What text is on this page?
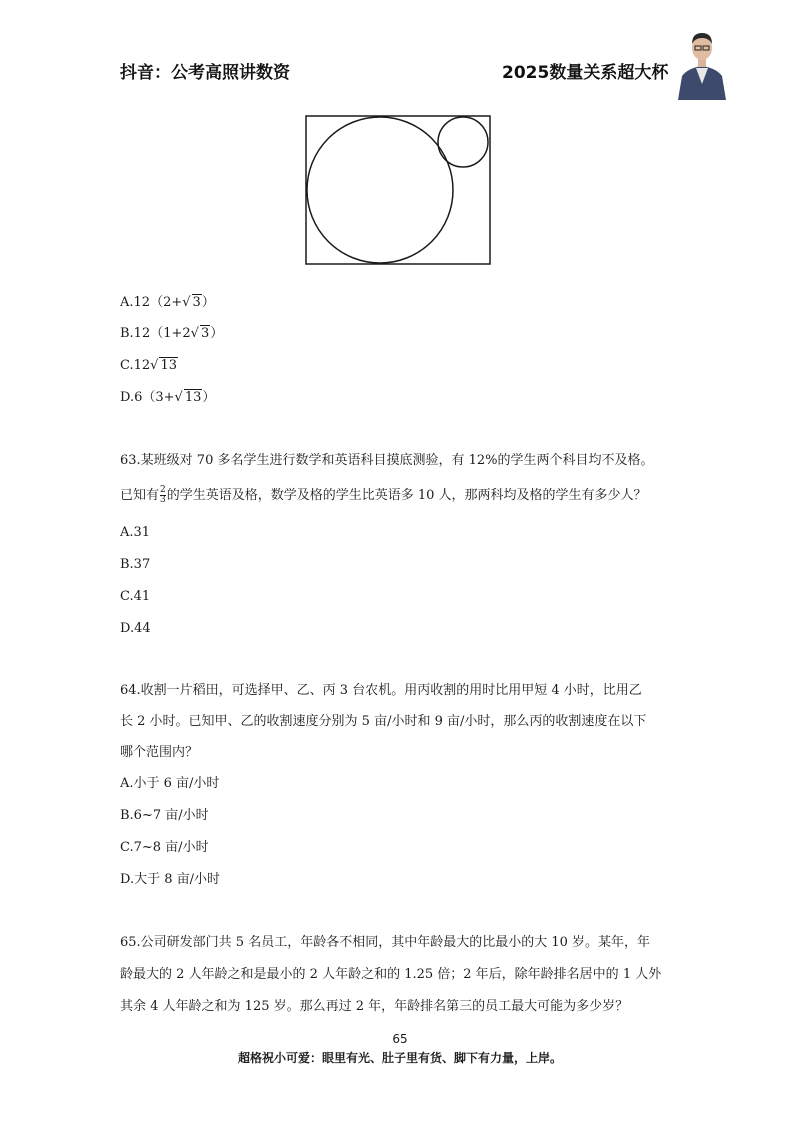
抖音：公考高照讲数资	2025数量关系超大杯
A.12（2+√ 3）
B.12（1+2√ 3）
C.12√ 13
D.6（3+√ 13）
63.某班级对 70 多名学生进行数学和英语科目摸底测验，有 12%的学生两个科目均不及格。
已知有 $\frac{2}{3}$ 的学生英语及格，数学及格的学生比英语多 10 人，那两科均及格的学生有多少人？
A.31
B.37
C.41
D.44
64.收割一片稻田，可选择甲、乙、丙 3 台农机。用丙收割的用时比用甲短 4 小时，比用乙
长 2 小时。已知甲、乙的收割速度分别为 5 亩/小时和 9 亩/小时，那么丙的收割速度在以下
哪个范围内？
A.小于 6 亩/小时
B.6~7 亩/小时
C.7~8 亩/小时
D.大于 8 亩/小时
65.公司研发部门共 5 名员工，年龄各不相同，其中年龄最大的比最小的大 10 岁。某年，年
龄最大的 2 人年龄之和是最小的 2 人年龄之和的 1.25 倍；2 年后，除年龄排名居中的 1 人外
其余 4 人年龄之和为 125 岁。那么再过 2 年，年龄排名第三的员工最大可能为多少岁？
65
超格祝小可爱：眼里有光、肚子里有货、脚下有力量，上岸。
